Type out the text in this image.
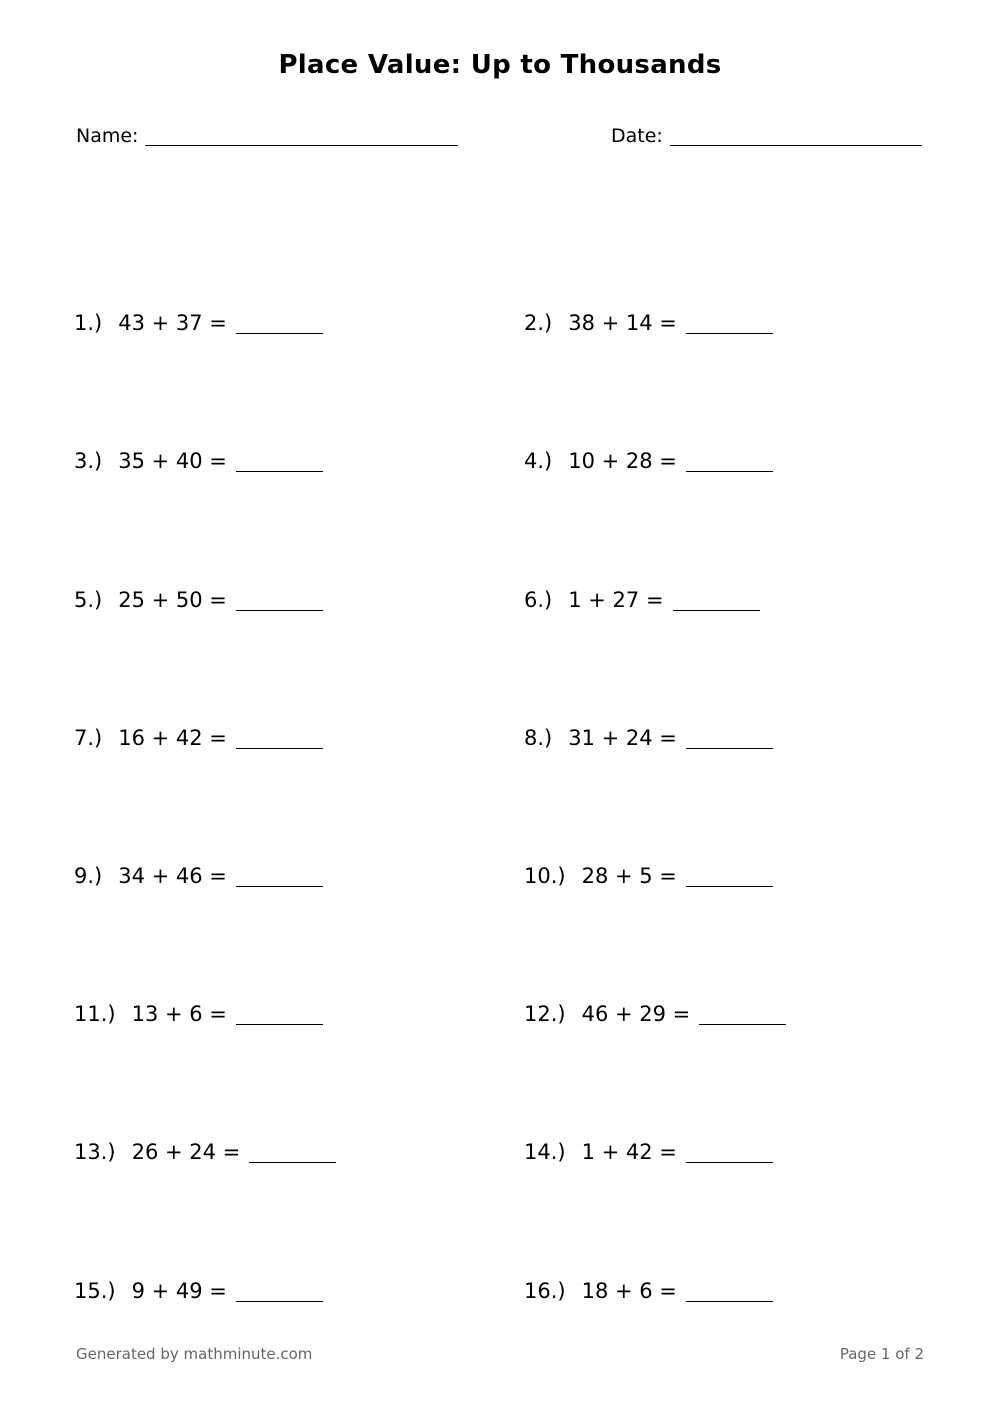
Place Value: Up to Thousands
Name:	Date:
1.) 43 + 37 =	2.) 38 + 14 =
3.) 35 + 40 =	4.) 10 + 28 =
5.) 25 + 50 =	6.) 1 + 27 =
7.) 16 + 42 =	8.) 31 + 24 =
9.) 34 + 46 =	10.) 28 + 5 =
11.) 13 + 6 =	12.) 46 + 29 =
13.) 26 + 24 =	14.) 1 + 42 =
15.) 9 + 49 =	16.) 18 + 6 =
Generated by mathminute.com	Page 1 of 2
